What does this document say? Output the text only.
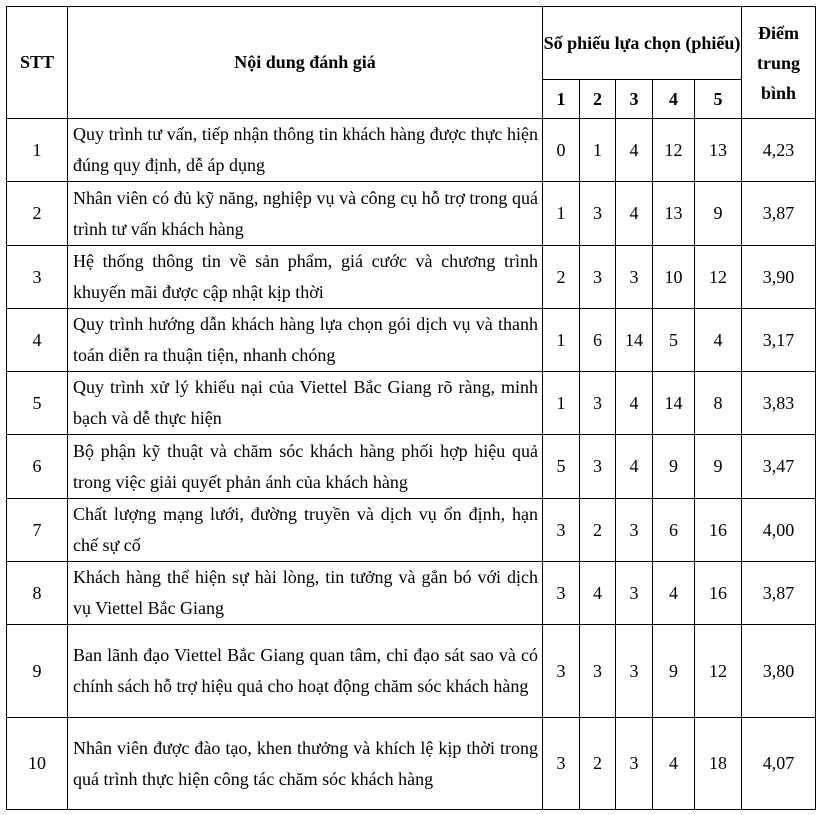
STT	Nội dung đánh giá	Số phiếu lựa chọn (phiếu)					Điểm trung bình
		1	2	3	4	5	
1	Quy trình tư vấn, tiếp nhận thông tin khách hàng được thực hiện đúng quy định, dễ áp dụng	0	1	4	12	13	4,23
2	Nhân viên có đủ kỹ năng, nghiệp vụ và công cụ hỗ trợ trong quá trình tư vấn khách hàng	1	3	4	13	9	3,87
3	Hệ thống thông tin về sản phẩm, giá cước và chương trình khuyến mãi được cập nhật kịp thời	2	3	3	10	12	3,90
4	Quy trình hướng dẫn khách hàng lựa chọn gói dịch vụ và thanh toán diễn ra thuận tiện, nhanh chóng	1	6	14	5	4	3,17
5	Quy trình xử lý khiếu nại của Viettel Bắc Giang rõ ràng, minh bạch và dễ thực hiện	1	3	4	14	8	3,83
6	Bộ phận kỹ thuật và chăm sóc khách hàng phối hợp hiệu quả trong việc giải quyết phản ánh của khách hàng	5	3	4	9	9	3,47
7	Chất lượng mạng lưới, đường truyền và dịch vụ ổn định, hạn chế sự cố	3	2	3	6	16	4,00
8	Khách hàng thể hiện sự hài lòng, tin tưởng và gắn bó với dịch vụ Viettel Bắc Giang	3	4	3	4	16	3,87
9	Ban lãnh đạo Viettel Bắc Giang quan tâm, chỉ đạo sát sao và có chính sách hỗ trợ hiệu quả cho hoạt động chăm sóc khách hàng	3	3	3	9	12	3,80
10	Nhân viên được đào tạo, khen thưởng và khích lệ kịp thời trong quá trình thực hiện công tác chăm sóc khách hàng	3	2	3	4	18	4,07
